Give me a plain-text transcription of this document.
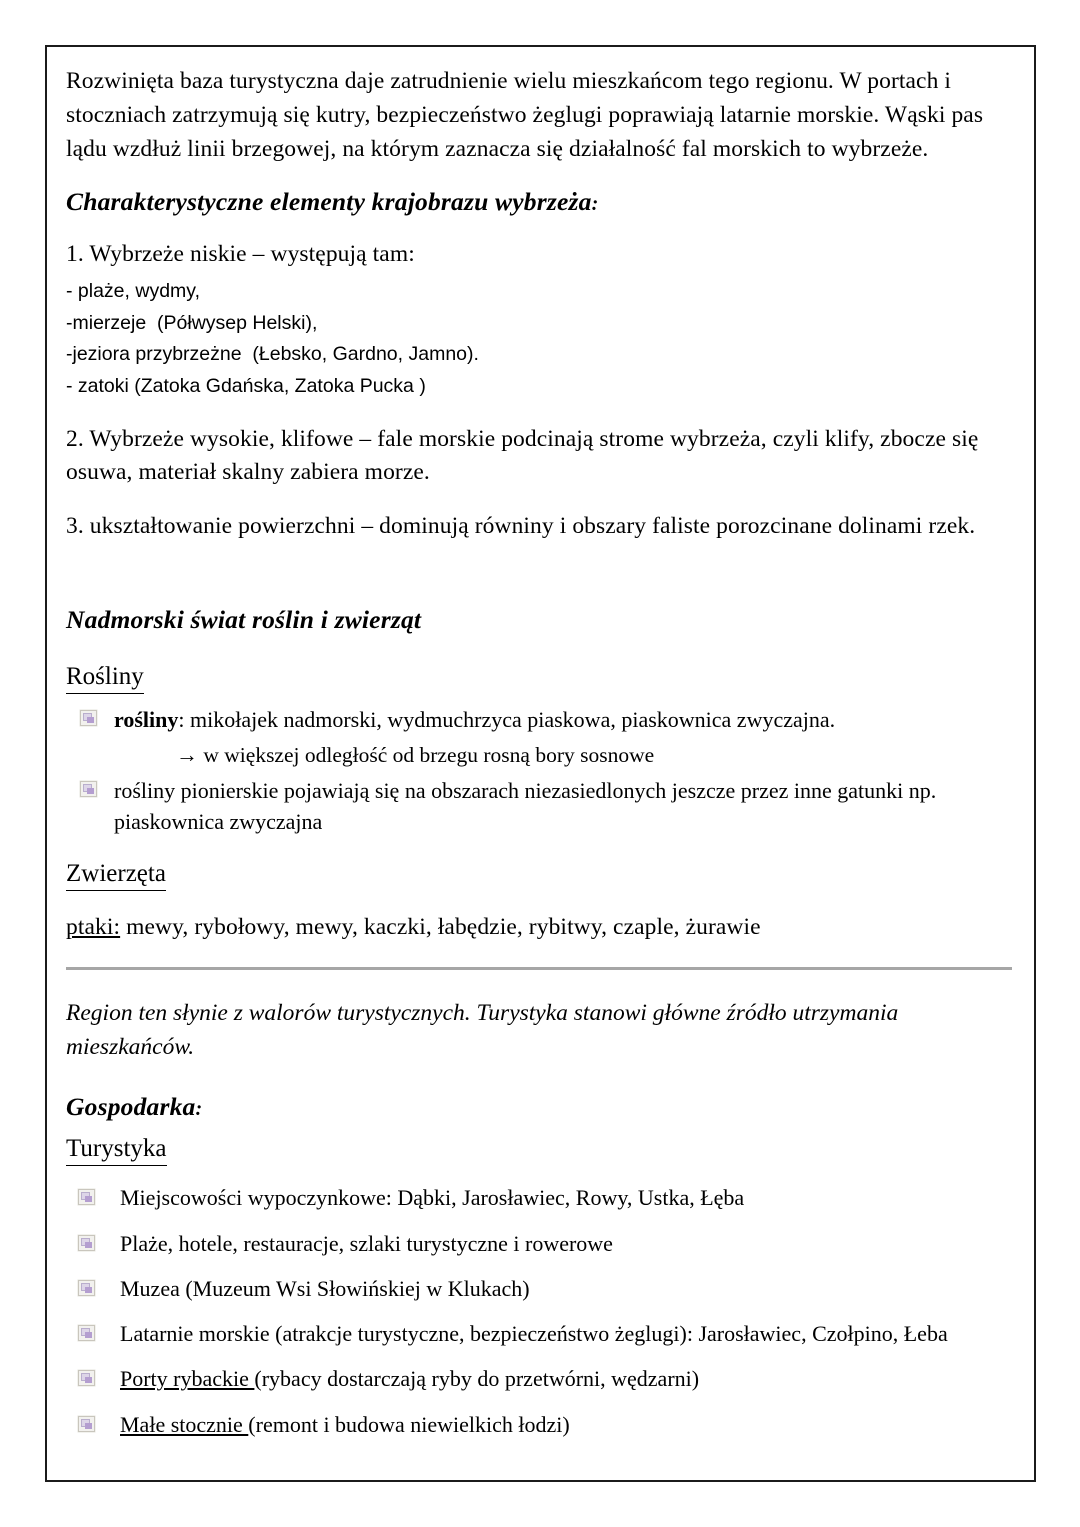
Rozwinięta baza turystyczna daje zatrudnienie wielu mieszkańcom tego regionu. W portach i stoczniach zatrzymują się kutry, bezpieczeństwo żeglugi poprawiają latarnie morskie. Wąski pas lądu wzdłuż linii brzegowej, na którym zaznacza się działalność fal morskich to wybrzeże.

Charakterystyczne elementy krajobrazu wybrzeża:

1. Wybrzeże niskie – występują tam:

- plaże, wydmy,
-mierzeje  (Półwysep Helski),
-jeziora przybrzeżne  (Łebsko, Gardno, Jamno).
- zatoki (Zatoka Gdańska, Zatoka Pucka )

2. Wybrzeże wysokie, klifowe – fale morskie podcinają strome wybrzeża, czyli klify, zbocze się osuwa, materiał skalny zabiera morze.

3. ukształtowanie powierzchni – dominują równiny i obszary faliste porozcinane dolinami rzek.

Nadmorski świat roślin i zwierząt
Rośliny
rośliny: mikołajek nadmorski, wydmuchrzyca piaskowa, piaskownica zwyczajna.
→ w większej odległość od brzegu rosną bory sosnowe
rośliny pionierskie pojawiają się na obszarach niezasiedlonych jeszcze przez inne gatunki np. piaskownica zwyczajna
Zwierzęta

ptaki: mewy, rybołowy, mewy, kaczki, łabędzie, rybitwy, czaple, żurawie

Region ten słynie z walorów turystycznych. Turystyka stanowi główne źródło utrzymania mieszkańców.

Gospodarka:
Turystyka
Miejscowości wypoczynkowe: Dąbki, Jarosławiec, Rowy, Ustka, Łęba
Plaże, hotele, restauracje, szlaki turystyczne i rowerowe
Muzea (Muzeum Wsi Słowińskiej w Klukach)
Latarnie morskie (atrakcje turystyczne, bezpieczeństwo żeglugi): Jarosławiec, Czołpino, Łeba
Porty rybackie (rybacy dostarczają ryby do przetwórni, wędzarni)
Małe stocznie (remont i budowa niewielkich łodzi)
